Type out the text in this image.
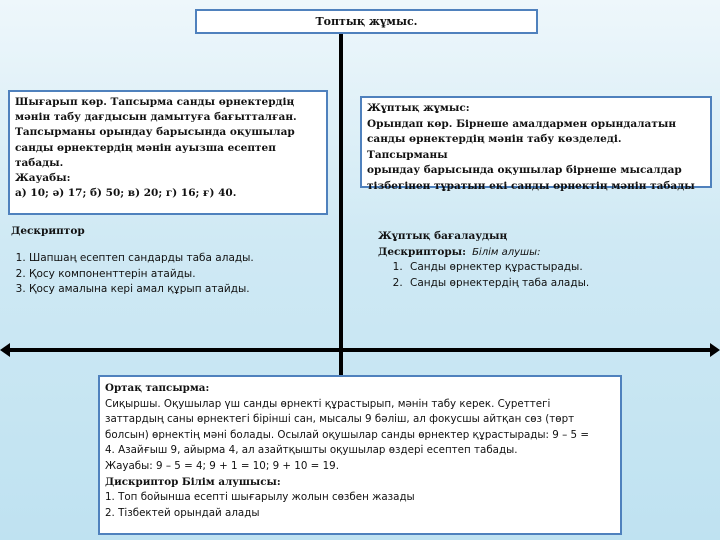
Топтық жұмыс.

Шығарып көр. Тапсырма санды өрнектердің

мәнін табу дағдысын дамытуға бағытталған.

Тапсырманы орындау барысында оқушылар

санды өрнектердің мәнін ауызша есептеп

табады.

Жауабы:

а) 10; ә) 17; б) 50; в) 20; г) 16; ғ) 40.

Жұптық жұмыс:

Орындап көр. Бірнеше амалдармен орындалатын

санды өрнектердің мәнін табу көзделеді. Тапсырманы

орындау барысында оқушылар бірнеше мысалдар

тізбегінен тұратын екі санды өрнектің мәнін табады

Дескриптор

1. Шапшаң есептеп сандарды таба алады.
2. Қосу компоненттерін атайды.
3. Қосу амалына кері амал құрып атайды.

Жұптық бағалаудың

Дескрипторы: Білім алушы:

1. Санды өрнектер құрастырады.
2. Санды өрнектердің таба алады.

Ортақ тапсырма:

Сиқыршы. Оқушылар үш санды өрнекті құрастырып, мәнін табу керек. Суреттегі

заттардың саны өрнектегі бірінші сан, мысалы 9 бәліш, ал фокусшы айтқан сөз (төрт

болсын) өрнектің мәні болады. Осылай оқушылар санды өрнектер құрастырады: 9 – 5 =

4. Азайғыш 9, айырма 4, ал азайтқышты оқушылар өздері есептеп табады.

Жауабы: 9 – 5 = 4; 9 + 1 = 10; 9 + 10 = 19.

Дискриптор Білім алушысы:

1. Топ бойынша есепті шығарылу жолын сөзбен жазады

2. Тізбектей орындай алады
